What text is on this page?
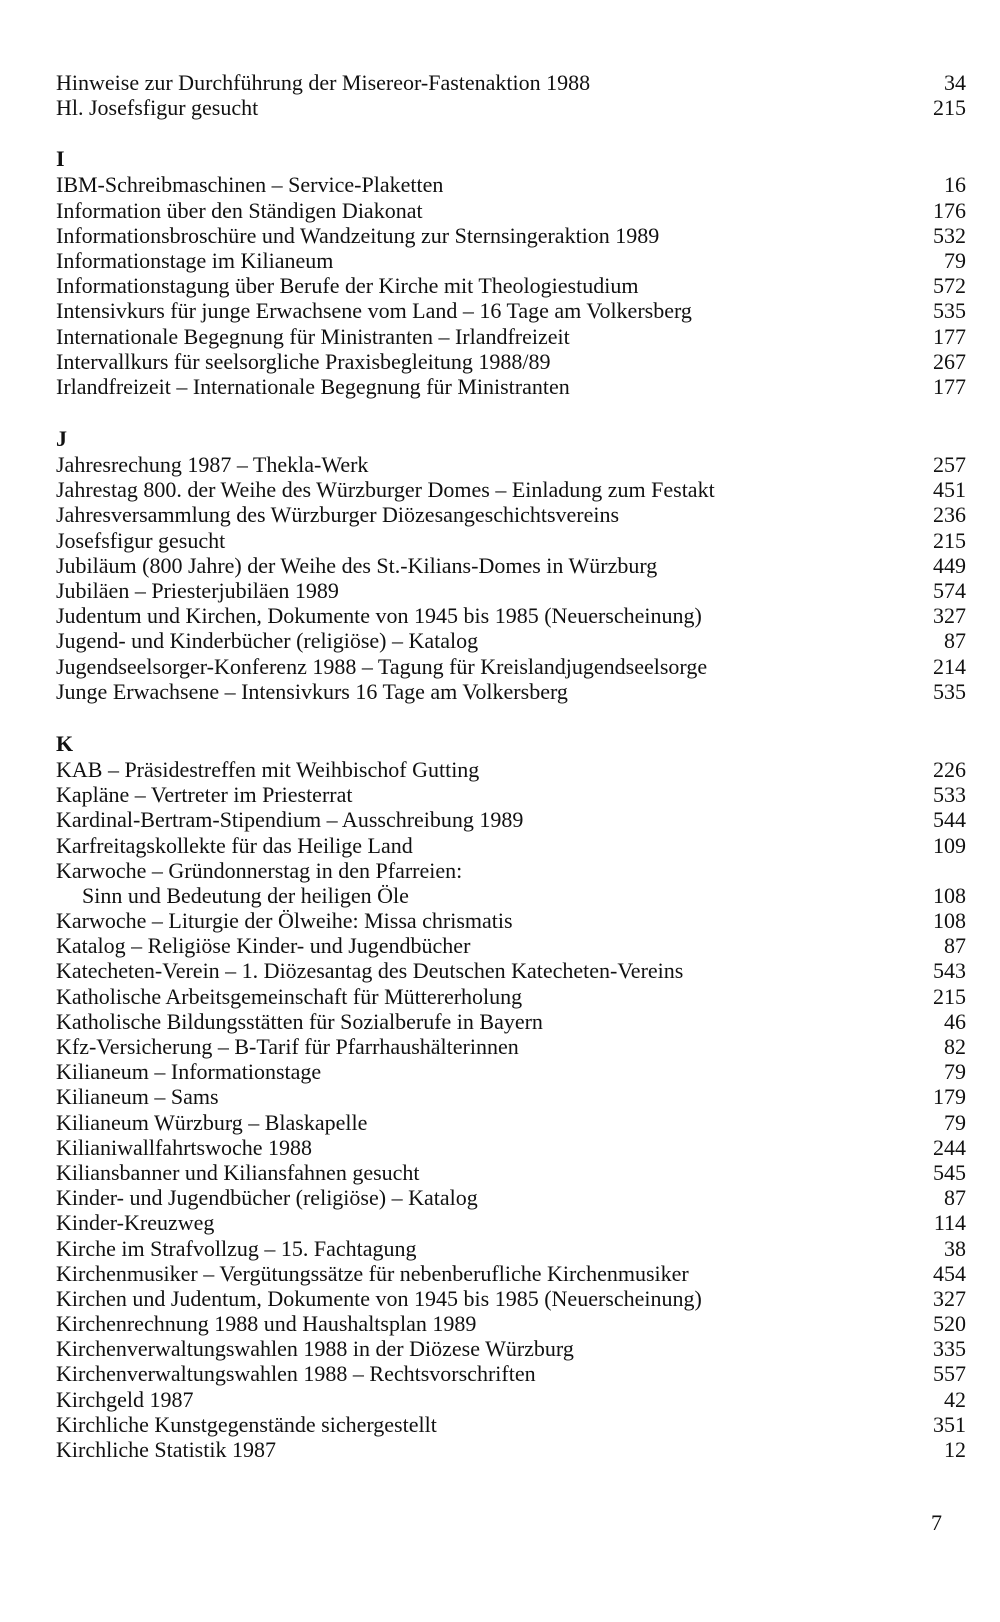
Hinweise zur Durchführung der Misereor-Fastenaktion 1988	34
Hl. Josefsfigur gesucht	215
I
IBM-Schreibmaschinen – Service-Plaketten	16
Information über den Ständigen Diakonat	176
Informationsbroschüre und Wandzeitung zur Sternsingeraktion 1989	532
Informationstage im Kilianeum	79
Informationstagung über Berufe der Kirche mit Theologiestudium	572
Intensivkurs für junge Erwachsene vom Land – 16 Tage am Volkersberg	535
Internationale Begegnung für Ministranten – Irlandfreizeit	177
Intervallkurs für seelsorgliche Praxisbegleitung 1988/89	267
Irlandfreizeit – Internationale Begegnung für Ministranten	177
J
Jahresrechung 1987 – Thekla-Werk	257
Jahrestag 800. der Weihe des Würzburger Domes – Einladung zum Festakt	451
Jahresversammlung des Würzburger Diözesangeschichtsvereins	236
Josefsfigur gesucht	215
Jubiläum (800 Jahre) der Weihe des St.-Kilians-Domes in Würzburg	449
Jubiläen – Priesterjubiläen 1989	574
Judentum und Kirchen, Dokumente von 1945 bis 1985 (Neuerscheinung)	327
Jugend- und Kinderbücher (religiöse) – Katalog	87
Jugendseelsorger-Konferenz 1988 – Tagung für Kreislandjugendseelsorge	214
Junge Erwachsene – Intensivkurs 16 Tage am Volkersberg	535
K
KAB – Präsidestreffen mit Weihbischof Gutting	226
Kapläne – Vertreter im Priesterrat	533
Kardinal-Bertram-Stipendium – Ausschreibung 1989	544
Karfreitagskollekte für das Heilige Land	109
Karwoche – Gründonnerstag in den Pfarreien:
Sinn und Bedeutung der heiligen Öle	108
Karwoche – Liturgie der Ölweihe: Missa chrismatis	108
Katalog – Religiöse Kinder- und Jugendbücher	87
Katecheten-Verein – 1. Diözesantag des Deutschen Katecheten-Vereins	543
Katholische Arbeitsgemeinschaft für Müttererholung	215
Katholische Bildungsstätten für Sozialberufe in Bayern	46
Kfz-Versicherung – B-Tarif für Pfarrhaushälterinnen	82
Kilianeum – Informationstage	79
Kilianeum – Sams	179
Kilianeum Würzburg – Blaskapelle	79
Kilianiwallfahrtswoche 1988	244
Kiliansbanner und Kiliansfahnen gesucht	545
Kinder- und Jugendbücher (religiöse) – Katalog	87
Kinder-Kreuzweg	114
Kirche im Strafvollzug – 15. Fachtagung	38
Kirchenmusiker – Vergütungssätze für nebenberufliche Kirchenmusiker	454
Kirchen und Judentum, Dokumente von 1945 bis 1985 (Neuerscheinung)	327
Kirchenrechnung 1988 und Haushaltsplan 1989	520
Kirchenverwaltungswahlen 1988 in der Diözese Würzburg	335
Kirchenverwaltungswahlen 1988 – Rechtsvorschriften	557
Kirchgeld 1987	42
Kirchliche Kunstgegenstände sichergestellt	351
Kirchliche Statistik 1987	12
7
